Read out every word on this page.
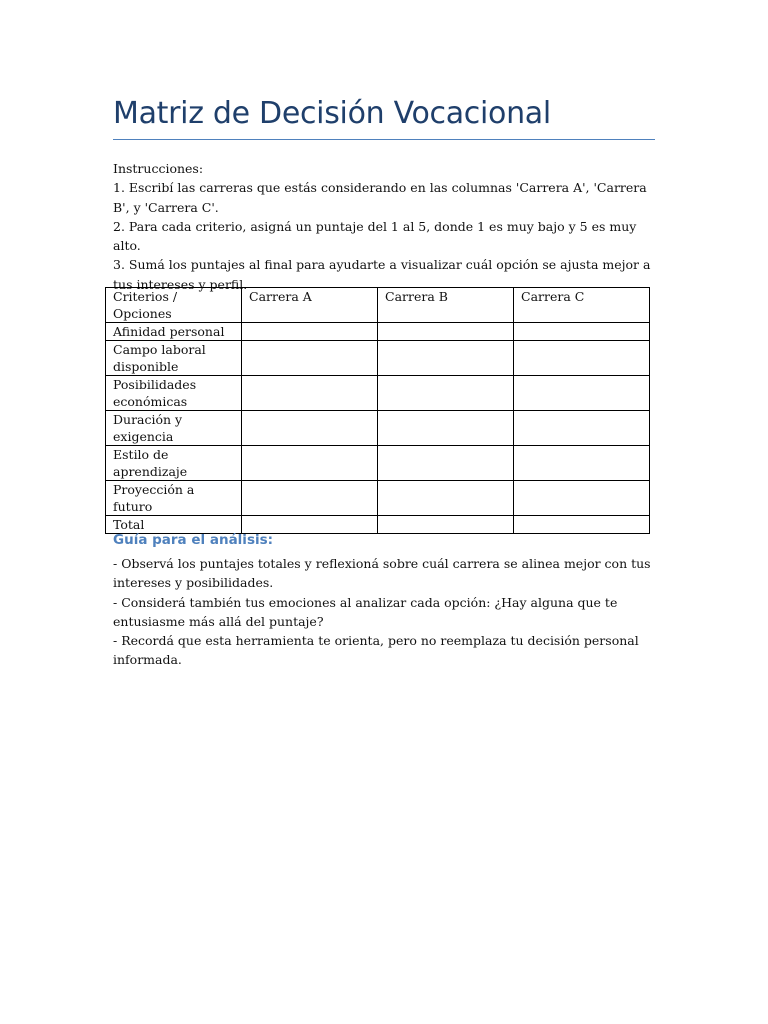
Matriz de Decisión Vocacional

Instrucciones:

1. Escribí las carreras que estás considerando en las columnas 'Carrera A', 'Carrera B', y 'Carrera C'.

2. Para cada criterio, asigná un puntaje del 1 al 5, donde 1 es muy bajo y 5 es muy alto.

3. Sumá los puntajes al final para ayudarte a visualizar cuál opción se ajusta mejor a tus intereses y perfil.

Criterios / Opciones	Carrera A	Carrera B	Carrera C
Afinidad personal			
Campo laboral disponible			
Posibilidades económicas			
Duración y exigencia			
Estilo de aprendizaje			
Proyección a futuro			
Total			
Guía para el análisis:

- Observá los puntajes totales y reflexioná sobre cuál carrera se alinea mejor con tus intereses y posibilidades.

- Considerá también tus emociones al analizar cada opción: ¿Hay alguna que te entusiasme más allá del puntaje?

- Recordá que esta herramienta te orienta, pero no reemplaza tu decisión personal informada.
